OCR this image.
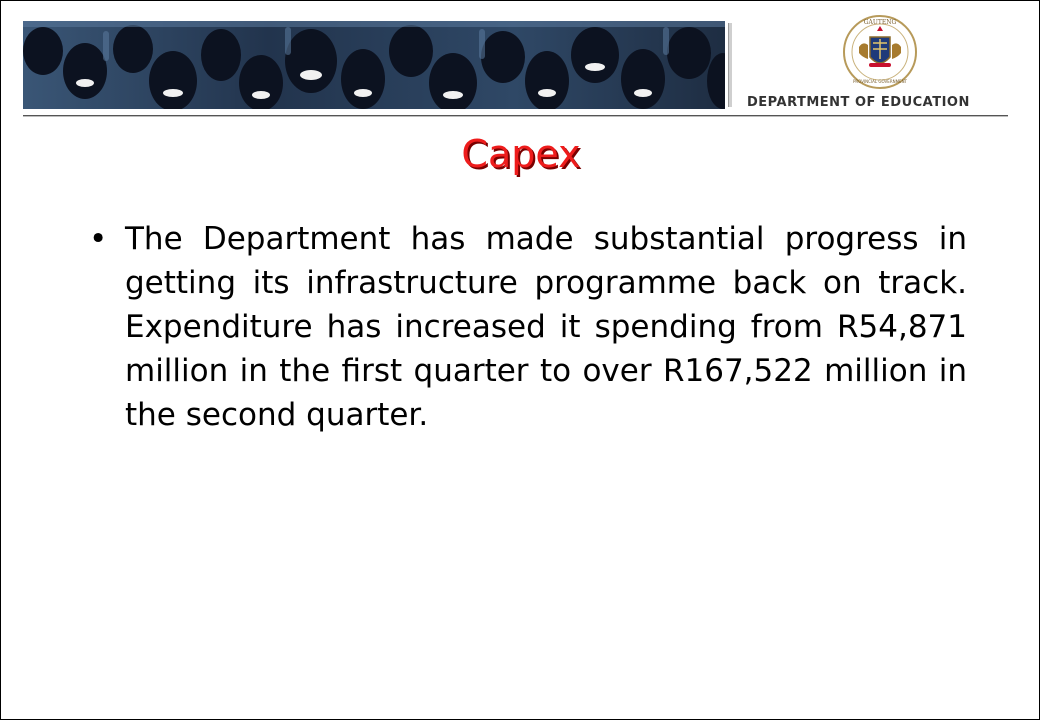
GAUTENG
PROVINCIAL GOVERNMENT
DEPARTMENT OF EDUCATION
Capex
• The Department has made substantial progress in getting its infrastructure programme back on track. Expenditure has increased it spending from R54,871 million in the first quarter to over R167,522 million in the second quarter.
